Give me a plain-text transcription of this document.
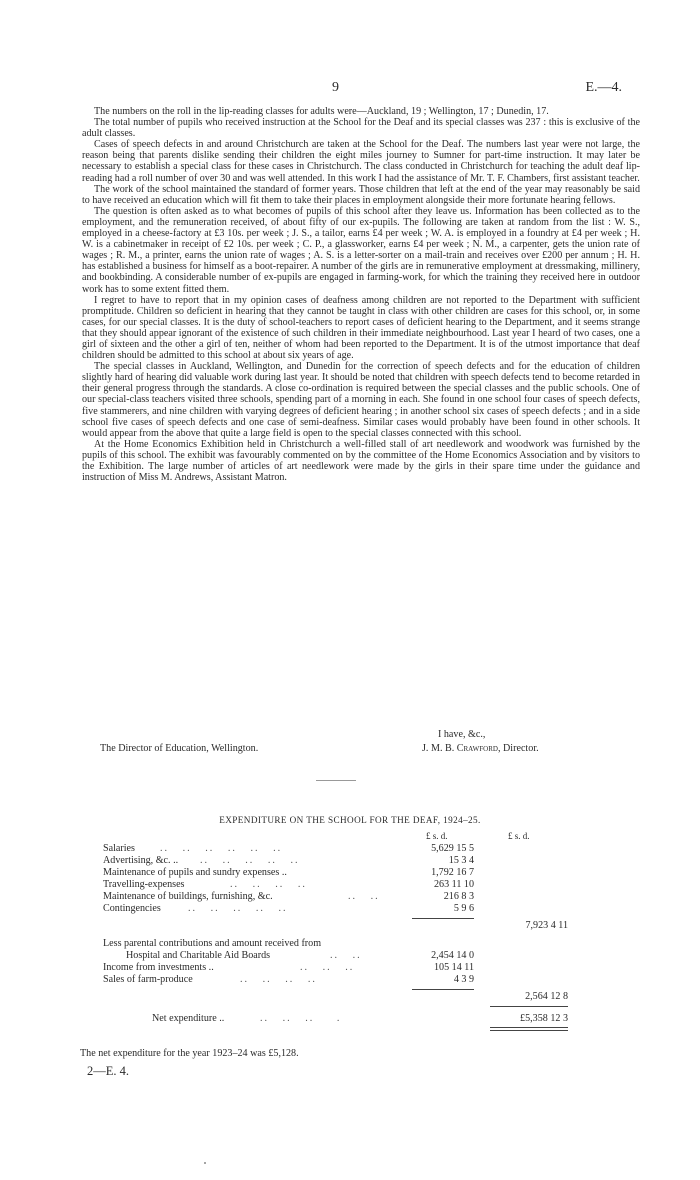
9	E.—4.

The numbers on the roll in the lip-reading classes for adults were—Auckland, 19 ; Wellington, 17 ; Dunedin, 17.

The total number of pupils who received instruction at the School for the Deaf and its special classes was 237 : this is exclusive of the adult classes.

Cases of speech defects in and around Christchurch are taken at the School for the Deaf. The numbers last year were not large, the reason being that parents dislike sending their children the eight miles journey to Sumner for part-time instruction. It may later be necessary to establish a special class for these cases in Christchurch. The class conducted in Christchurch for teaching the adult deaf lip-reading had a roll number of over 30 and was well attended. In this work I had the assistance of Mr. T. F. Chambers, first assistant teacher.

The work of the school maintained the standard of former years. Those children that left at the end of the year may reasonably be said to have received an education which will fit them to take their places in employment alongside their more fortunate hearing fellows.

The question is often asked as to what becomes of pupils of this school after they leave us. Information has been collected as to the employment, and the remuneration received, of about fifty of our ex-pupils. The following are taken at random from the list : W. S., employed in a cheese-factory at £3 10s. per week ; J. S., a tailor, earns £4 per week ; W. A. is employed in a foundry at £4 per week ; H. W. is a cabinetmaker in receipt of £2 10s. per week ; C. P., a glassworker, earns £4 per week ; N. M., a carpenter, gets the union rate of wages ; R. M., a printer, earns the union rate of wages ; A. S. is a letter-sorter on a mail-train and receives over £200 per annum ; H. H. has established a business for himself as a boot-repairer. A number of the girls are in remunerative employment at dressmaking, millinery, and bookbinding. A considerable number of ex-pupils are engaged in farming-work, for which the training they received here in outdoor work has to some extent fitted them.

I regret to have to report that in my opinion cases of deafness among children are not reported to the Department with sufficient promptitude. Children so deficient in hearing that they cannot be taught in class with other children are cases for this school, or, in some cases, for our special classes. It is the duty of school-teachers to report cases of deficient hearing to the Department, and it seems strange that they should appear ignorant of the existence of such children in their immediate neighbourhood. Last year I heard of two cases, one a girl of sixteen and the other a girl of ten, neither of whom had been reported to the Department. It is of the utmost importance that deaf children should be admitted to this school at about six years of age.

The special classes in Auckland, Wellington, and Dunedin for the correction of speech defects and for the education of children slightly hard of hearing did valuable work during last year. It should be noted that children with speech defects tend to become retarded in their general progress through the standards. A close co-ordination is required between the special classes and the public schools. One of our special-class teachers visited three schools, spending part of a morning in each. She found in one school four cases of speech defects, five stammerers, and nine children with varying degrees of deficient hearing ; in another school six cases of speech defects ; and in a side school five cases of speech defects and one case of semi-deafness. Similar cases would probably have been found in other schools. It would appear from the above that quite a large field is open to the special classes connected with this school.

At the Home Economics Exhibition held in Christchurch a well-filled stall of art needlework and woodwork was furnished by the pupils of this school. The exhibit was favourably commented on by the committee of the Home Economics Association and by visitors to the Exhibition. The large number of articles of art needlework were made by the girls in their spare time under the guidance and instruction of Miss M. Andrews, Assistant Matron.

I have, &c.,
The Director of Education, Wellington.	J. M. B. Crawford, Director.
EXPENDITURE ON THE SCHOOL FOR THE DEAF, 1924–25.
£ s. d.	£ s. d.
Salaries ..   ..   ..   ..   ..   ..	5,629 15 5
Advertising, &c. .. ..   ..   ..   ..   ..	15 3 4
Maintenance of pupils and sundry expenses ..	1,792 16 7
Travelling-expenses	..   ..   ..   ..	263 11 10
Maintenance of buildings, furnishing, &c.	..   ..	216 8 3
Contingencies	..   ..   ..   ..   ..	5 9 6
7,923 4 11
Less parental contributions and amount received from
Hospital and Charitable Aid Boards	..   ..	2,454 14 0
Income from investments ..	..   ..   ..	105 14 11
Sales of farm-produce	..   ..   ..   ..	4 3 9
2,564 12 8
Net expenditure ..	..   ..   ..     .	£5,358 12 3
The net expenditure for the year 1923–24 was £5,128.
2—E. 4.
